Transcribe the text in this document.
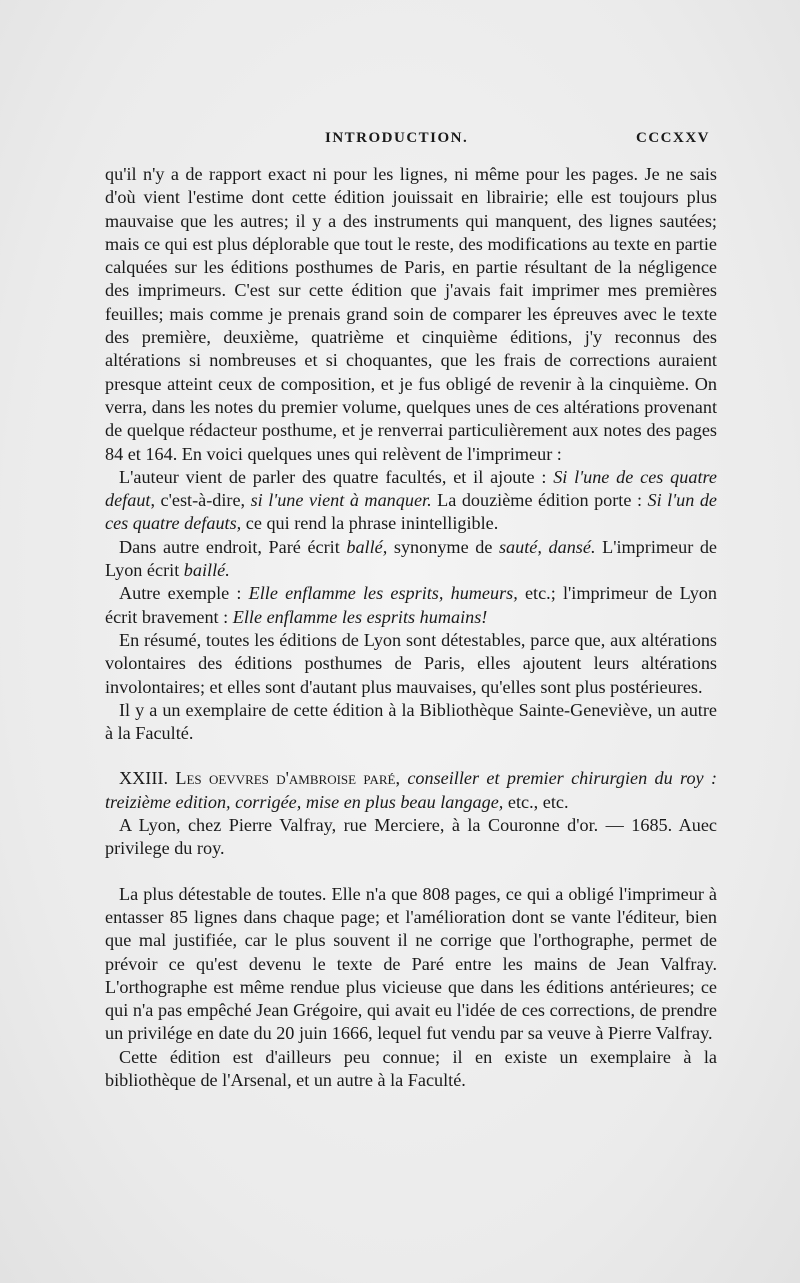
INTRODUCTION.	CCCXXV

qu'il n'y a de rapport exact ni pour les lignes, ni même pour les pages. Je ne sais d'où vient l'estime dont cette édition jouissait en librairie; elle est toujours plus mauvaise que les autres; il y a des instruments qui manquent, des lignes sautées; mais ce qui est plus déplorable que tout le reste, des modifications au texte en partie calquées sur les éditions posthumes de Paris, en partie résultant de la négligence des imprimeurs. C'est sur cette édition que j'avais fait imprimer mes premières feuilles; mais comme je prenais grand soin de comparer les épreuves avec le texte des première, deuxième, quatrième et cinquième éditions, j'y reconnus des altérations si nombreuses et si choquantes, que les frais de corrections auraient presque atteint ceux de composition, et je fus obligé de revenir à la cinquième. On verra, dans les notes du premier volume, quelques unes de ces altérations provenant de quelque rédacteur posthume, et je renverrai particulièrement aux notes des pages 84 et 164. En voici quelques unes qui relèvent de l'imprimeur :

L'auteur vient de parler des quatre facultés, et il ajoute : Si l'une de ces quatre defaut, c'est-à-dire, si l'une vient à manquer. La douzième édition porte : Si l'un de ces quatre defauts, ce qui rend la phrase inintelligible.

Dans autre endroit, Paré écrit ballé, synonyme de sauté, dansé. L'imprimeur de Lyon écrit baillé.

Autre exemple : Elle enflamme les esprits, humeurs, etc.; l'imprimeur de Lyon écrit bravement : Elle enflamme les esprits humains!

En résumé, toutes les éditions de Lyon sont détestables, parce que, aux altérations volontaires des éditions posthumes de Paris, elles ajoutent leurs altérations involontaires; et elles sont d'autant plus mauvaises, qu'elles sont plus postérieures.

Il y a un exemplaire de cette édition à la Bibliothèque Sainte-Geneviève, un autre à la Faculté.

XXIII. Les oevvres d'ambroise paré, conseiller et premier chirurgien du roy : treizième edition, corrigée, mise en plus beau langage, etc., etc.

A Lyon, chez Pierre Valfray, rue Merciere, à la Couronne d'or. — 1685. Auec privilege du roy.

La plus détestable de toutes. Elle n'a que 808 pages, ce qui a obligé l'imprimeur à entasser 85 lignes dans chaque page; et l'amélioration dont se vante l'éditeur, bien que mal justifiée, car le plus souvent il ne corrige que l'orthographe, permet de prévoir ce qu'est devenu le texte de Paré entre les mains de Jean Valfray. L'orthographe est même rendue plus vicieuse que dans les éditions antérieures; ce qui n'a pas empêché Jean Grégoire, qui avait eu l'idée de ces corrections, de prendre un privilége en date du 20 juin 1666, lequel fut vendu par sa veuve à Pierre Valfray.

Cette édition est d'ailleurs peu connue; il en existe un exemplaire à la bibliothèque de l'Arsenal, et un autre à la Faculté.
